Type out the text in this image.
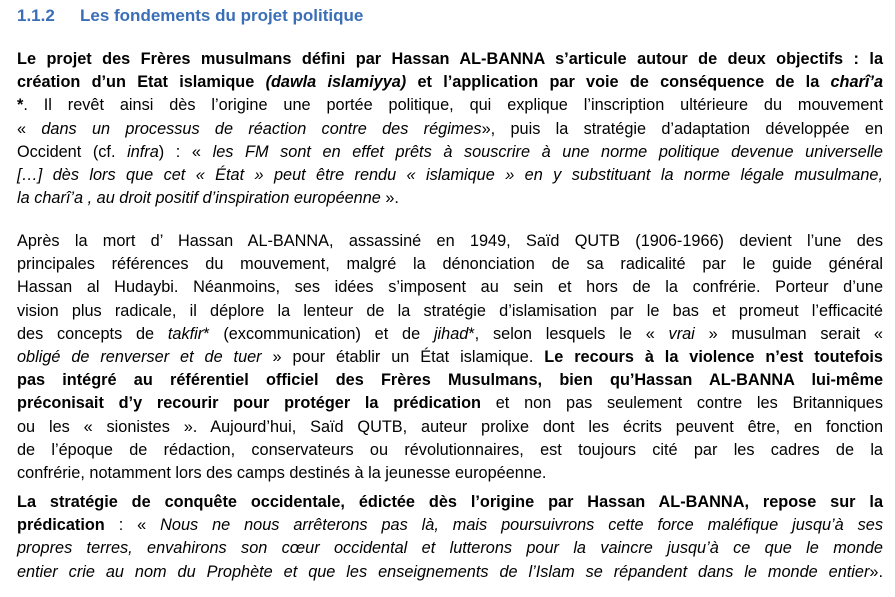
1.1.2 Les fondements du projet politique
Le projet des Frères musulmans défini par Hassan AL-BANNA s’articule autour de deux objectifs : la
création d’un Etat islamique (dawla islamiyya) et l’application par voie de conséquence de la charî’a
*. Il revêt ainsi dès l’origine une portée politique, qui explique l’inscription ultérieure du mouvement
« dans un processus de réaction contre des régimes», puis la stratégie d’adaptation développée en
Occident (cf. infra) : « les FM sont en effet prêts à souscrire à une norme politique devenue universelle
[…] dès lors que cet « État » peut être rendu « islamique » en y substituant la norme légale musulmane,
la charî’a , au droit positif d’inspiration européenne ».
Après la mort d’ Hassan AL-BANNA, assassiné en 1949, Saïd QUTB (1906-1966) devient l’une des
principales références du mouvement, malgré la dénonciation de sa radicalité par le guide général
Hassan al Hudaybi. Néanmoins, ses idées s’imposent au sein et hors de la confrérie. Porteur d’une
vision plus radicale, il déplore la lenteur de la stratégie d’islamisation par le bas et promeut l’efficacité
des concepts de takfir* (excommunication) et de jihad*, selon lesquels le « vrai » musulman serait «
obligé de renverser et de tuer » pour établir un État islamique. Le recours à la violence n’est toutefois
pas intégré au référentiel officiel des Frères Musulmans, bien qu’Hassan AL-BANNA lui-même
préconisait d’y recourir pour protéger la prédication et non pas seulement contre les Britanniques
ou les « sionistes ». Aujourd’hui, Saïd QUTB, auteur prolixe dont les écrits peuvent être, en fonction
de l’époque de rédaction, conservateurs ou révolutionnaires, est toujours cité par les cadres de la
confrérie, notamment lors des camps destinés à la jeunesse européenne.
La stratégie de conquête occidentale, édictée dès l’origine par Hassan AL-BANNA, repose sur la
prédication : « Nous ne nous arrêterons pas là, mais poursuivrons cette force maléfique jusqu’à ses
propres terres, envahirons son cœur occidental et lutterons pour la vaincre jusqu’à ce que le monde
entier crie au nom du Prophète et que les enseignements de l’Islam se répandent dans le monde entier».
